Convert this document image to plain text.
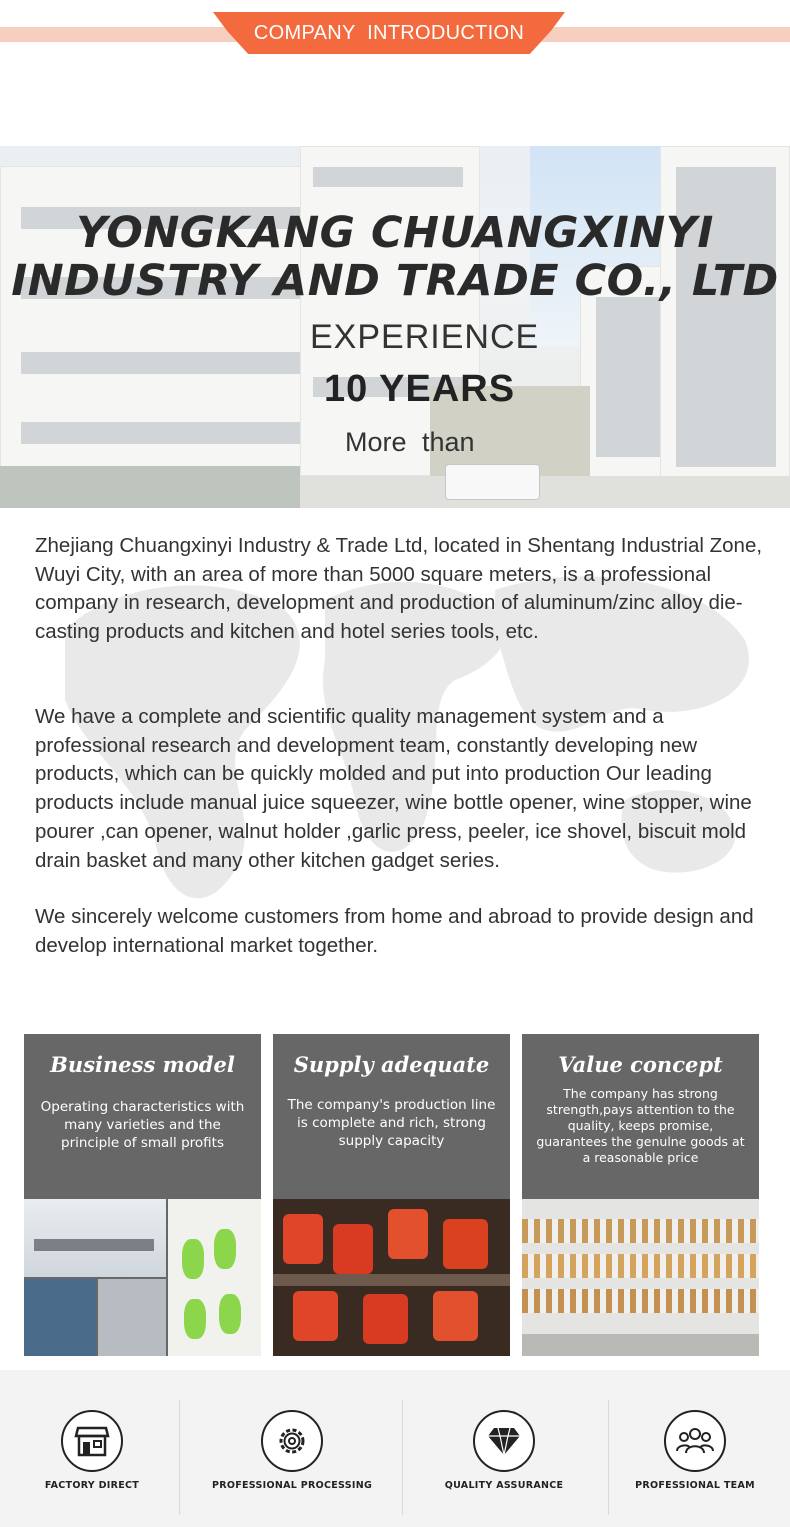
COMPANY INTRODUCTION
YONGKANG CHUANGXINYI
INDUSTRY AND TRADE CO., LTD
EXPERIENCE
10 YEARS
More than
Zhejiang Chuangxinyi Industry & Trade Ltd, located in Shentang Industrial Zone, Wuyi City, with an area of more than 5000 square meters, is a professional company in research, development and production of aluminum/zinc alloy die-casting products and kitchen and hotel series tools, etc.
We have a complete and scientific quality management system and a professional research and development team, constantly developing new products, which can be quickly molded and put into production Our leading products include manual juice squeezer, wine bottle opener, wine stopper, wine pourer ,can opener, walnut holder ,garlic press, peeler, ice shovel, biscuit mold drain basket and many other kitchen gadget series.
We sincerely welcome customers from home and abroad to provide design and develop international market together.
Business model
Operating characteristics with many varieties and the principle of small profits
Supply adequate
The company's production line is complete and rich, strong supply capacity
Value concept
The company has strong strength,pays attention to the quality, keeps promise, guarantees the genulne goods at a reasonable price
FACTORY DIRECT	PROFESSIONAL PROCESSING	QUALITY ASSURANCE	PROFESSIONAL TEAM
